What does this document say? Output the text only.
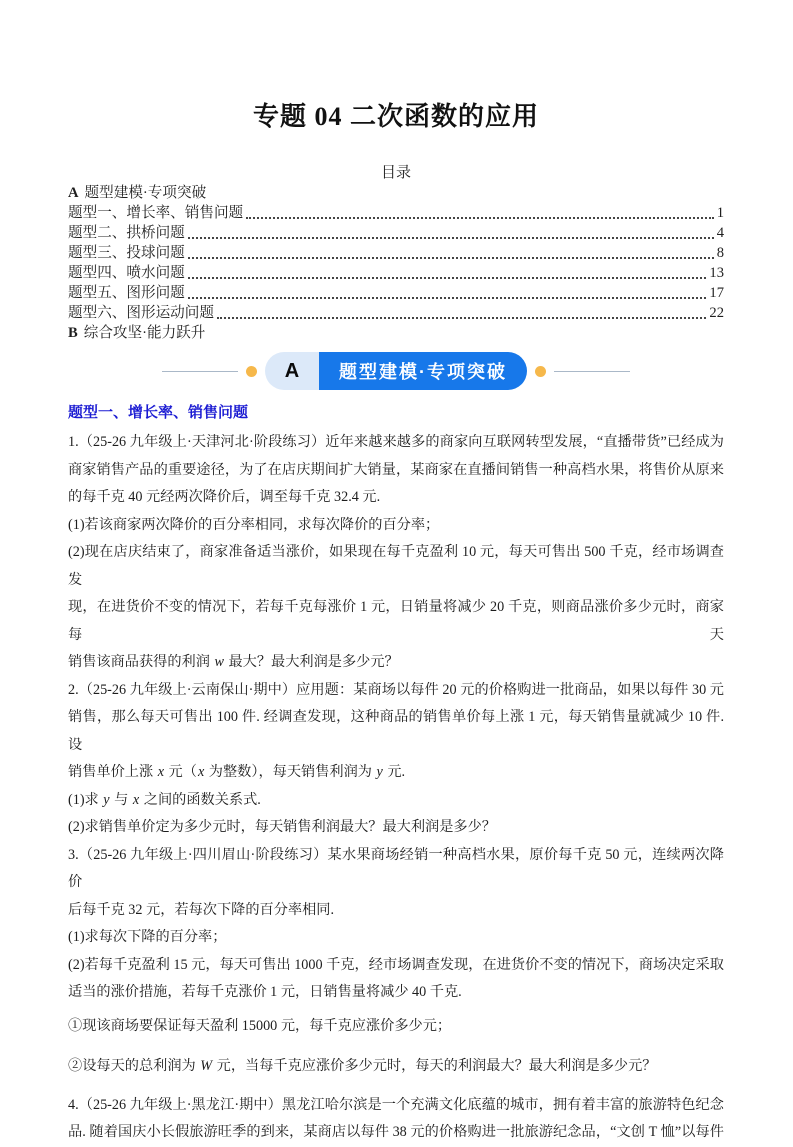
专题 04 二次函数的应用
目录
A 题型建模·专项突破
题型一、增长率、销售问题	1
题型二、拱桥问题	4
题型三、投球问题	8
题型四、喷水问题	13
题型五、图形问题	17
题型六、图形运动问题	22
B 综合攻坚·能力跃升
A	题型建模·专项突破
题型一、增长率、销售问题
1.（25-26 九年级上·天津河北·阶段练习）近年来越来越多的商家向互联网转型发展，“直播带货”已经成为
商家销售产品的重要途径，为了在店庆期间扩大销量，某商家在直播间销售一种高档水果，将售价从原来
的每千克 40 元经两次降价后，调至每千克 32.4 元.
(1)若该商家两次降价的百分率相同，求每次降价的百分率；
(2)现在店庆结束了，商家准备适当涨价，如果现在每千克盈利 10 元，每天可售出 500 千克，经市场调查发
现，在进货价不变的情况下，若每千克每涨价 1 元，日销量将减少 20 千克，则商品涨价多少元时，商家每天
销售该商品获得的利润 w 最大？最大利润是多少元？
2.（25-26 九年级上·云南保山·期中）应用题：某商场以每件 20 元的价格购进一批商品，如果以每件 30 元
销售，那么每天可售出 100 件. 经调查发现，这种商品的销售单价每上涨 1 元，每天销售量就减少 10 件. 设
销售单价上涨 x 元（x 为整数），每天销售利润为 y 元.
(1)求 y 与 x 之间的函数关系式.
(2)求销售单价定为多少元时，每天销售利润最大？最大利润是多少？
3.（25-26 九年级上·四川眉山·阶段练习）某水果商场经销一种高档水果，原价每千克 50 元，连续两次降价
后每千克 32 元，若每次下降的百分率相同.
(1)求每次下降的百分率；
(2)若每千克盈利 15 元，每天可售出 1000 千克，经市场调查发现，在进货价不变的情况下，商场决定采取
适当的涨价措施，若每千克涨价 1 元，日销售量将减少 40 千克.
①现该商场要保证每天盈利 15000 元，每千克应涨价多少元；
②设每天的总利润为 W 元，当每千克应涨价多少元时，每天的利润最大？最大利润是多少元？
4.（25-26 九年级上·黑龙江·期中）黑龙江哈尔滨是一个充满文化底蕴的城市，拥有着丰富的旅游特色纪念
品. 随着国庆小长假旅游旺季的到来，某商店以每件 38 元的价格购进一批旅游纪念品，“文创 T 恤”以每件
